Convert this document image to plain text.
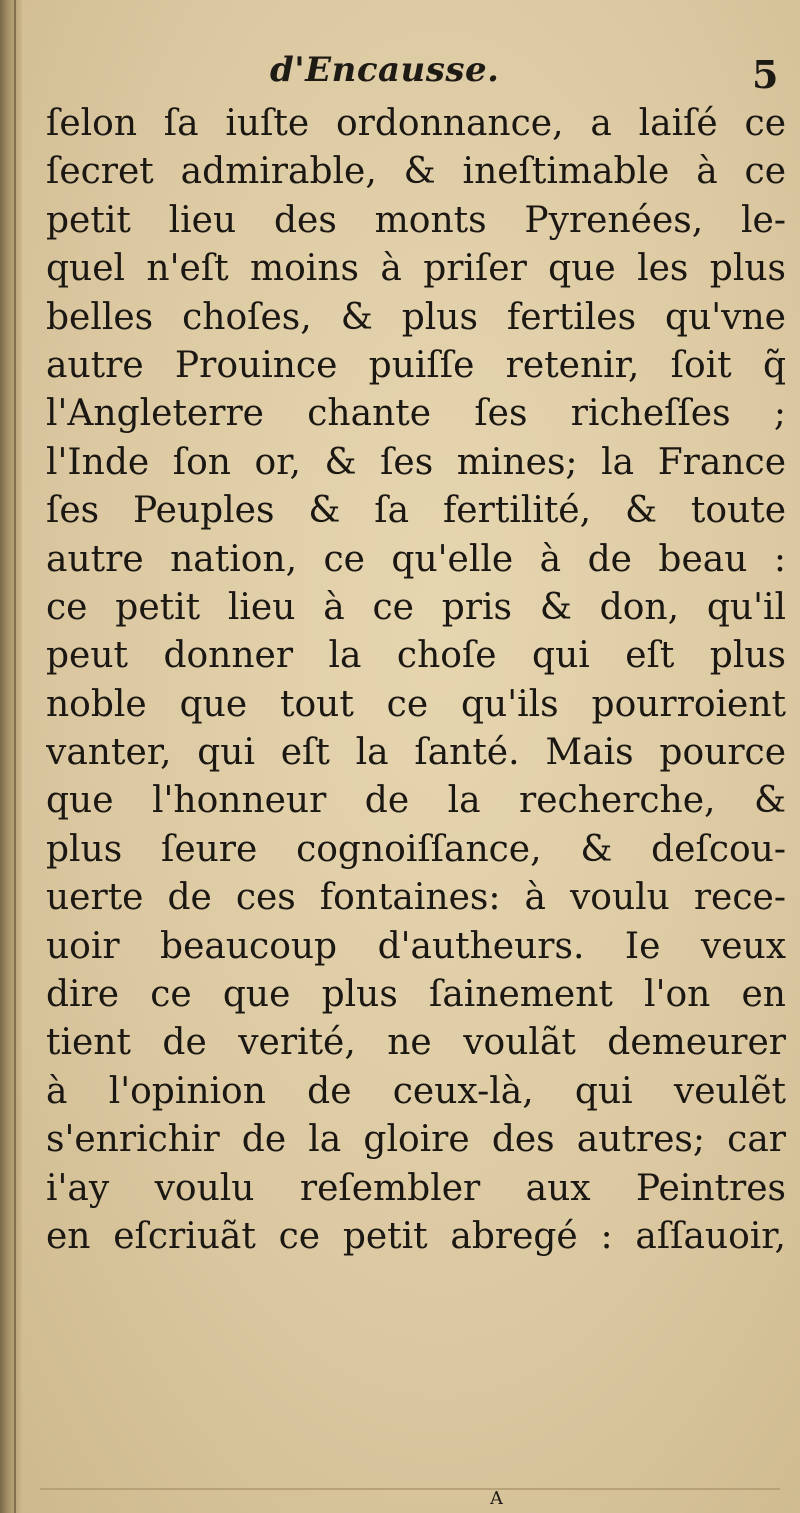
d'Encausse.	5
ſelon ſa iuſte ordonnance, a laiſé ce
ſecret admirable, & ineſtimable à ce
petit lieu des monts Pyrenées, le-
quel n'eſt moins à priſer que les plus
belles choſes, & plus fertiles qu'vne
autre Prouince puiſſe retenir, ſoit q̃
l'Angleterre chante ſes richeſſes ;
l'Inde ſon or, & ſes mines; la France
ſes Peuples & ſa fertilité, & toute
autre nation, ce qu'elle à de beau :
ce petit lieu à ce pris & don, qu'il
peut donner la choſe qui eſt plus
noble que tout ce qu'ils pourroient
vanter, qui eſt la ſanté. Mais pource
que l'honneur de la recherche, &
plus ſeure cognoiſſance, & deſcou-
uerte de ces fontaines: à voulu rece-
uoir beaucoup d'autheurs. Ie veux
dire ce que plus ſainement l'on en
tient de verité, ne voulãt demeurer
à l'opinion de ceux-là, qui veulẽt
s'enrichir de la gloire des autres; car
i'ay voulu reſembler aux Peintres
en eſcriuãt ce petit abregé : aſſauoir,
A
